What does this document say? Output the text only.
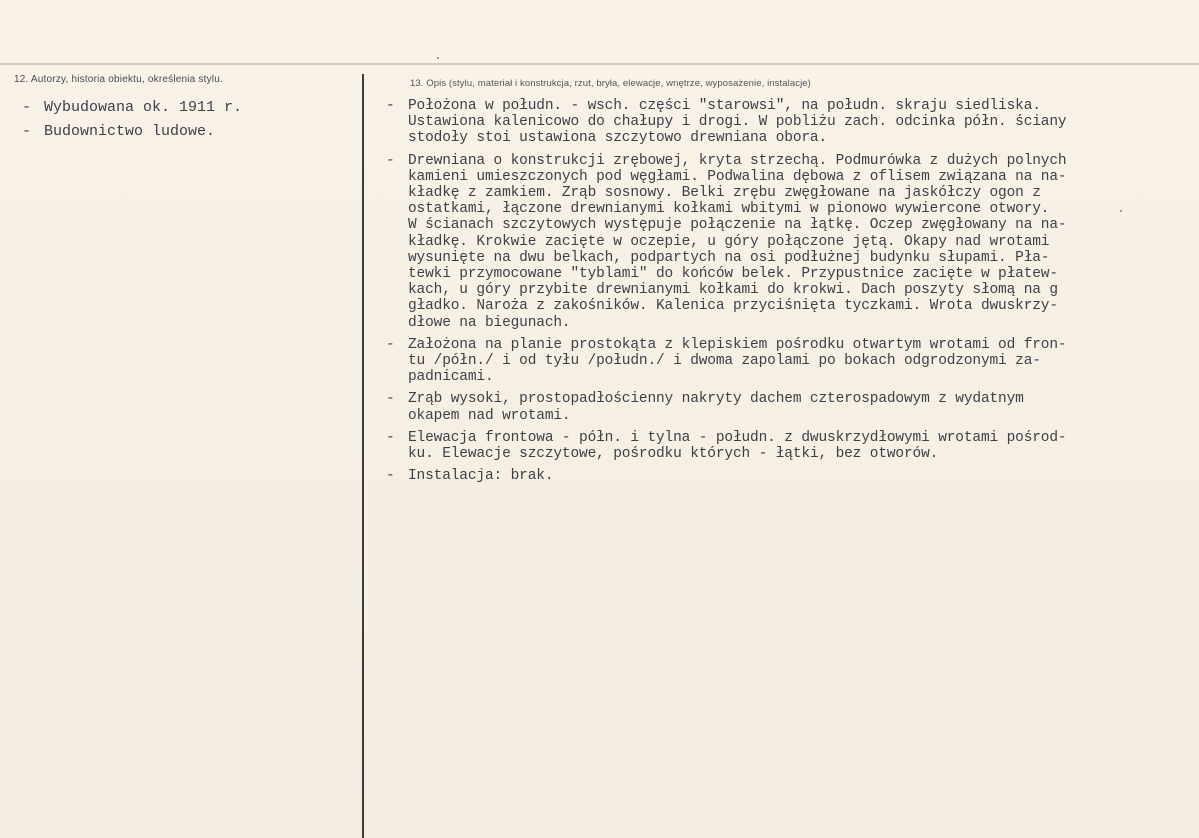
12. Autorzy, historia obiektu, określenia stylu.	13. Opis (stylu, materiał i konstrukcja, rzut, bryła, elewacje, wnętrze, wyposażenie, instalacje)
- Wybudowana ok. 1911 r.
- Budownictwo ludowe.
- Położona w połudn. - wsch. części "starowsi", na połudn. skraju siedliska.
Ustawiona kalenicowo do chałupy i drogi. W pobliżu zach. odcinka półn. ściany
stodoły stoi ustawiona szczytowo drewniana obora.
- Drewniana o konstrukcji zrębowej, kryta strzechą. Podmurówka z dużych polnych
kamieni umieszczonych pod węgłami. Podwalina dębowa z oflisem związana na na-
kładkę z zamkiem. Zrąb sosnowy. Belki zrębu zwęgłowane na jaskółczy ogon z
ostatkami, łączone drewnianymi kołkami wbitymi w pionowo wywiercone otwory.
W ścianach szczytowych występuje połączenie na łątkę. Oczep zwęgłowany na na-
kładkę. Krokwie zacięte w oczepie, u góry połączone jętą. Okapy nad wrotami
wysunięte na dwu belkach, podpartych na osi podłużnej budynku słupami. Pła-
tewki przymocowane "tyblami" do końców belek. Przypustnice zacięte w płatew-
kach, u góry przybite drewnianymi kołkami do krokwi. Dach poszyty słomą na g
gładko. Naroża z zakośników. Kalenica przyciśnięta tyczkami. Wrota dwuskrzy-
dłowe na biegunach.
- Założona na planie prostokąta z klepiskiem pośrodku otwartym wrotami od fron-
tu /półn./ i od tyłu /połudn./ i dwoma zapolami po bokach odgrodzonymi za-
padnicami.
- Zrąb wysoki, prostopadłościenny nakryty dachem czterospadowym z wydatnym
okapem nad wrotami.
- Elewacja frontowa - półn. i tylna - połudn. z dwuskrzydłowymi wrotami pośrod-
ku. Elewacje szczytowe, pośrodku których - łątki, bez otworów.
- Instalacja: brak.
